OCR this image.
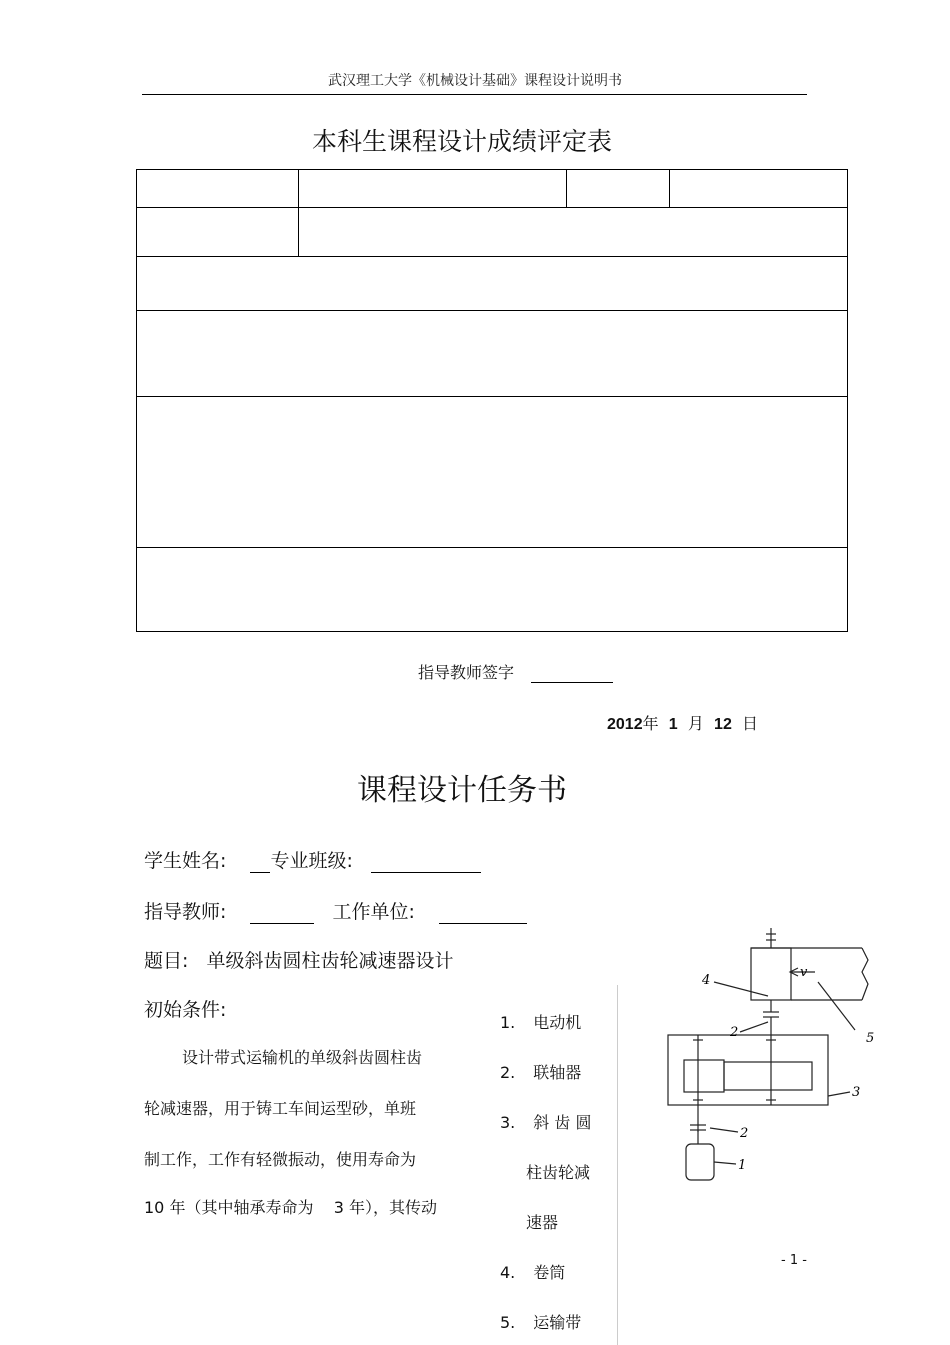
武汉理工大学《机械设计基础》课程设计说明书
本科生课程设计成绩评定表

指导教师签字
2012年 1 月 12 日
课程设计任务书
学生姓名: 专业班级:
指导教师:	工作单位:
题目: 单级斜齿圆柱齿轮减速器设计
初始条件:
设计带式运输机的单级斜齿圆柱齿
轮减速器，用于铸工车间运型砂，单班
制工作，工作有轻微振动，使用寿命为
10 年（其中轴承寿命为    3 年），其传动
1. 电动机
2. 联轴器
3. 斜 齿 圆
柱齿轮减
速器
4. 卷筒
5. 运输带
v
4
5
2
3
2
1
- 1 -
